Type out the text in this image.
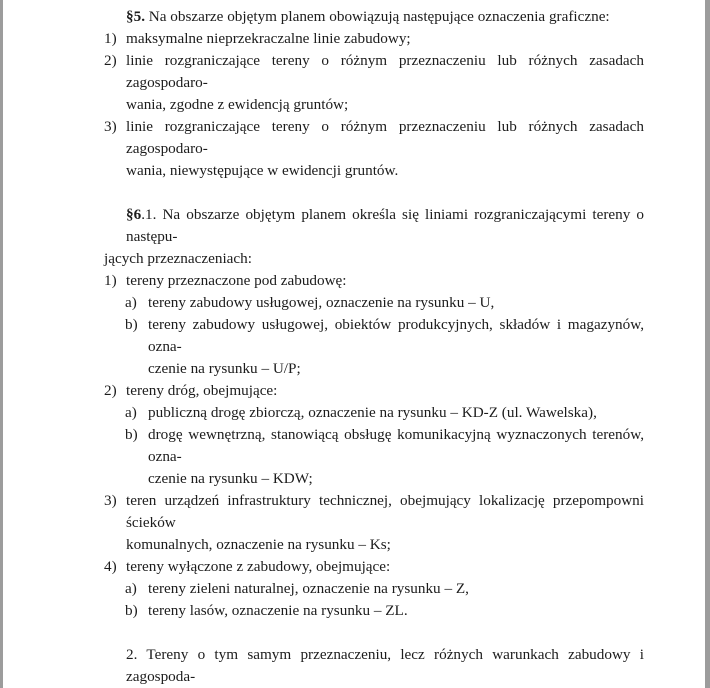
§5. Na obszarze objętym planem obowiązują następujące oznaczenia graficzne:
1) maksymalne nieprzekraczalne linie zabudowy;
2) linie rozgraniczające tereny o różnym przeznaczeniu lub różnych zasadach zagospodaro-
wania, zgodne z ewidencją gruntów;
3) linie rozgraniczające tereny o różnym przeznaczeniu lub różnych zasadach zagospodaro-
wania, niewystępujące w ewidencji gruntów.
§6.1. Na obszarze objętym planem określa się liniami rozgraniczającymi tereny o następu-
jących przeznaczeniach:
1) tereny przeznaczone pod zabudowę:
a) tereny zabudowy usługowej, oznaczenie na rysunku – U,
b) tereny zabudowy usługowej, obiektów produkcyjnych, składów i magazynów, ozna-
czenie na rysunku – U/P;
2) tereny dróg, obejmujące:
a) publiczną drogę zbiorczą, oznaczenie na rysunku – KD-Z (ul. Wawelska),
b) drogę wewnętrzną, stanowiącą obsługę komunikacyjną wyznaczonych terenów, ozna-
czenie na rysunku – KDW;
3) teren urządzeń infrastruktury technicznej, obejmujący lokalizację przepompowni ścieków
komunalnych, oznaczenie na rysunku – Ks;
4) tereny wyłączone z zabudowy, obejmujące:
a) tereny zieleni naturalnej, oznaczenie na rysunku – Z,
b) tereny lasów, oznaczenie na rysunku – ZL.
2. Tereny o tym samym przeznaczeniu, lecz różnych warunkach zabudowy i zagospoda-
